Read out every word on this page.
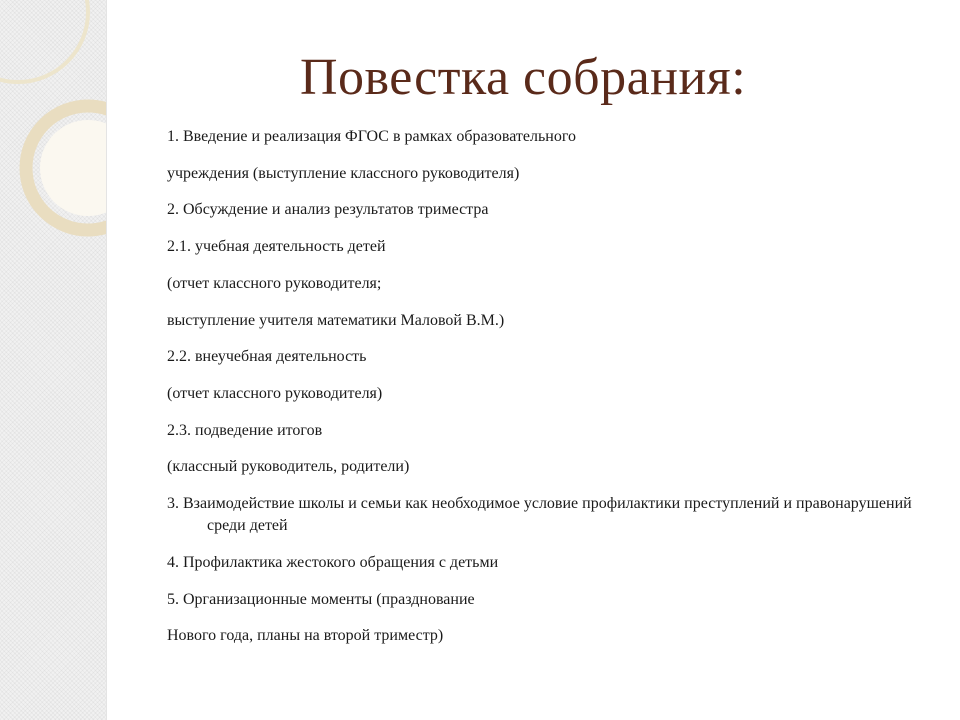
Повестка собрания:
1. Введение и реализация ФГОС в рамках образовательного
учреждения (выступление классного руководителя)
2. Обсуждение и анализ результатов триместра
2.1. учебная деятельность детей
(отчет классного руководителя;
выступление учителя математики Маловой В.М.)
2.2. внеучебная деятельность
(отчет классного руководителя)
2.3. подведение итогов
(классный руководитель, родители)
3. Взаимодействие школы и семьи как необходимое условие профилактики преступлений и правонарушений среди детей
4. Профилактика жестокого обращения с детьми
5. Организационные моменты (празднование
Нового года, планы на второй триместр)
